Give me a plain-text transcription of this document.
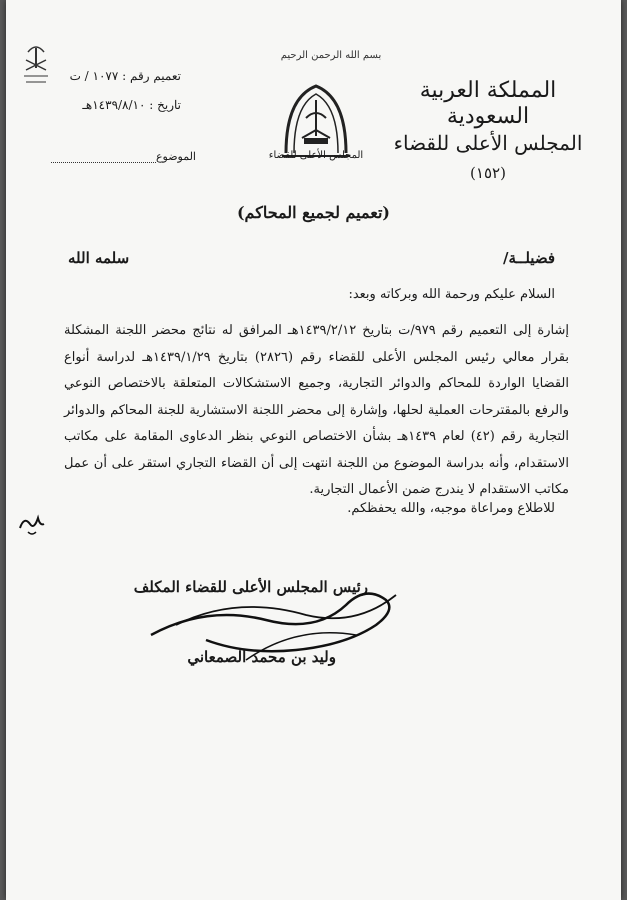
المملكة العربية السعودية
المجلس الأعلى للقضاء
(١٥٢)
بسم الله الرحمن الرحيم
المجلس الأعلى للقضاء
تعميم رقم : ١٠٧٧ / ت
تاريخ : ١٤٣٩/٨/١٠هـ
الموضوع
(تعميم لجميع المحاكم)
فضيلــة/
سلمه الله
السلام عليكم ورحمة الله وبركاته وبعد:
إشارة إلى التعميم رقم ٩٧٩/ت بتاريخ ١٤٣٩/٢/١٢هـ المرافق له نتائج محضر اللجنة المشكلة بقرار معالي رئيس المجلس الأعلى للقضاء رقم (٢٨٢٦) بتاريخ ١٤٣٩/١/٢٩هـ لدراسة أنواع القضايا الواردة للمحاكم والدوائر التجارية، وجميع الاستشكالات المتعلقة بالاختصاص النوعي والرفع بالمقترحات العملية لحلها، وإشارة إلى محضر اللجنة الاستشارية للجنة المحاكم والدوائر التجارية رقم (٤٢) لعام ١٤٣٩هـ بشأن الاختصاص النوعي بنظر الدعاوى المقامة على مكاتب الاستقدام، وأنه بدراسة الموضوع من اللجنة انتهت إلى أن القضاء التجاري استقر على أن عمل مكاتب الاستقدام لا يندرج ضمن الأعمال التجارية.
للاطلاع ومراعاة موجبه، والله يحفظكم.
رئيس المجلس الأعلى للقضاء المكلف
وليد بن محمد الصمعاني
